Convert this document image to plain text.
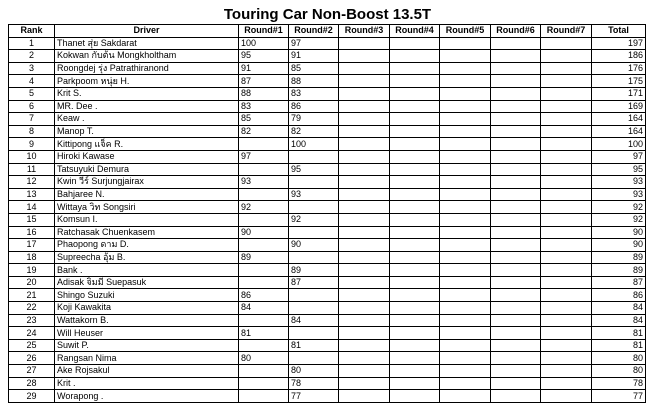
Touring Car Non-Boost 13.5T
Rank	Driver	Round#1	Round#2	Round#3	Round#4	Round#5	Round#6	Round#7	Total
1	Thanet สุ่ย Sakdarat	100	97						197
2	Kokwan กับต้น Mongkholtham	95	91						186
3	Roongdej รุ่ง Patrathiranond	91	85						176
4	Parkpoom หนุ่ย H.	87	88						175
5	Krit S.	88	83						171
6	MR. Dee .	83	86						169
7	Keaw .	85	79						164
8	Manop T.	82	82						164
9	Kittipong แจ็ค R.		100						100
10	Hiroki Kawase	97							97
11	Tatsuyuki Demura		95						95
12	Kwin วีร์ Surjungjairax	93							93
13	Bahjaree N.		93						93
14	Wittaya วิท Songsiri	92							92
15	Komsun I.		92						92
16	Ratchasak Chuenkasem	90							90
17	Phaopong ดาม D.		90						90
18	Supreecha อุ้ม B.	89							89
19	Bank .		89						89
20	Adisak จิมมี่ Suepasuk		87						87
21	Shingo Suzuki	86							86
22	Koji Kawakita	84							84
23	Wattakorn B.		84						84
24	Will Heuser	81							81
25	Suwit P.		81						81
26	Rangsan Nima	80							80
27	Ake Rojsakul		80						80
28	Krit .		78						78
29	Worapong .		77						77
